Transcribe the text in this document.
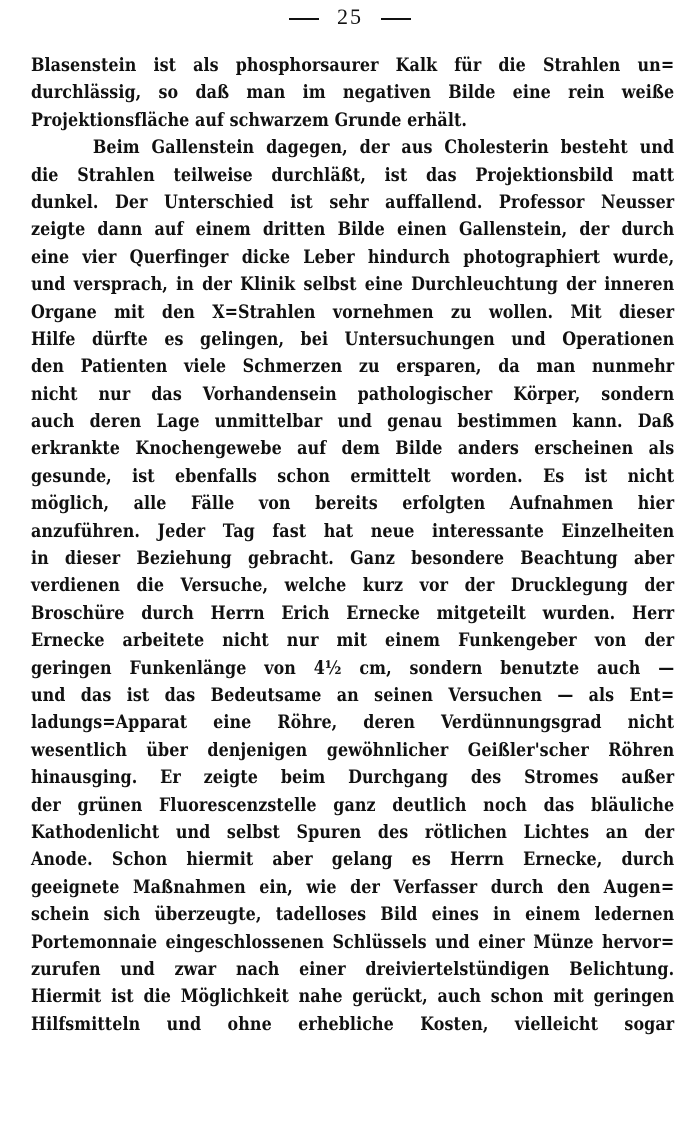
25
Blasenstein ist als phosphorsaurer Kalk für die Strahlen un=
durchlässig, so daß man im negativen Bilde eine rein weiße
Projektionsfläche auf schwarzem Grunde erhält.
Beim Gallenstein dagegen, der aus Cholesterin besteht und
die Strahlen teilweise durchläßt, ist das Projektionsbild matt
dunkel. Der Unterschied ist sehr auffallend. Professor Neusser
zeigte dann auf einem dritten Bilde einen Gallenstein, der durch
eine vier Querfinger dicke Leber hindurch photographiert wurde,
und versprach, in der Klinik selbst eine Durchleuchtung der inneren
Organe mit den X=Strahlen vornehmen zu wollen. Mit dieser
Hilfe dürfte es gelingen, bei Untersuchungen und Operationen
den Patienten viele Schmerzen zu ersparen, da man nunmehr
nicht nur das Vorhandensein pathologischer Körper, sondern
auch deren Lage unmittelbar und genau bestimmen kann. Daß
erkrankte Knochengewebe auf dem Bilde anders erscheinen als
gesunde, ist ebenfalls schon ermittelt worden. Es ist nicht
möglich, alle Fälle von bereits erfolgten Aufnahmen hier
anzuführen. Jeder Tag fast hat neue interessante Einzelheiten
in dieser Beziehung gebracht. Ganz besondere Beachtung aber
verdienen die Versuche, welche kurz vor der Drucklegung der
Broschüre durch Herrn Erich Ernecke mitgeteilt wurden. Herr
Ernecke arbeitete nicht nur mit einem Funkengeber von der
geringen Funkenlänge von 4½ cm, sondern benutzte auch —
und das ist das Bedeutsame an seinen Versuchen — als Ent=
ladungs=Apparat eine Röhre, deren Verdünnungsgrad nicht
wesentlich über denjenigen gewöhnlicher Geißler'scher Röhren
hinausging. Er zeigte beim Durchgang des Stromes außer
der grünen Fluorescenzstelle ganz deutlich noch das bläuliche
Kathodenlicht und selbst Spuren des rötlichen Lichtes an der
Anode. Schon hiermit aber gelang es Herrn Ernecke, durch
geeignete Maßnahmen ein, wie der Verfasser durch den Augen=
schein sich überzeugte, tadelloses Bild eines in einem ledernen
Portemonnaie eingeschlossenen Schlüssels und einer Münze hervor=
zurufen und zwar nach einer dreiviertelstündigen Belichtung.
Hiermit ist die Möglichkeit nahe gerückt, auch schon mit geringen
Hilfsmitteln und ohne erhebliche Kosten, vielleicht sogar
